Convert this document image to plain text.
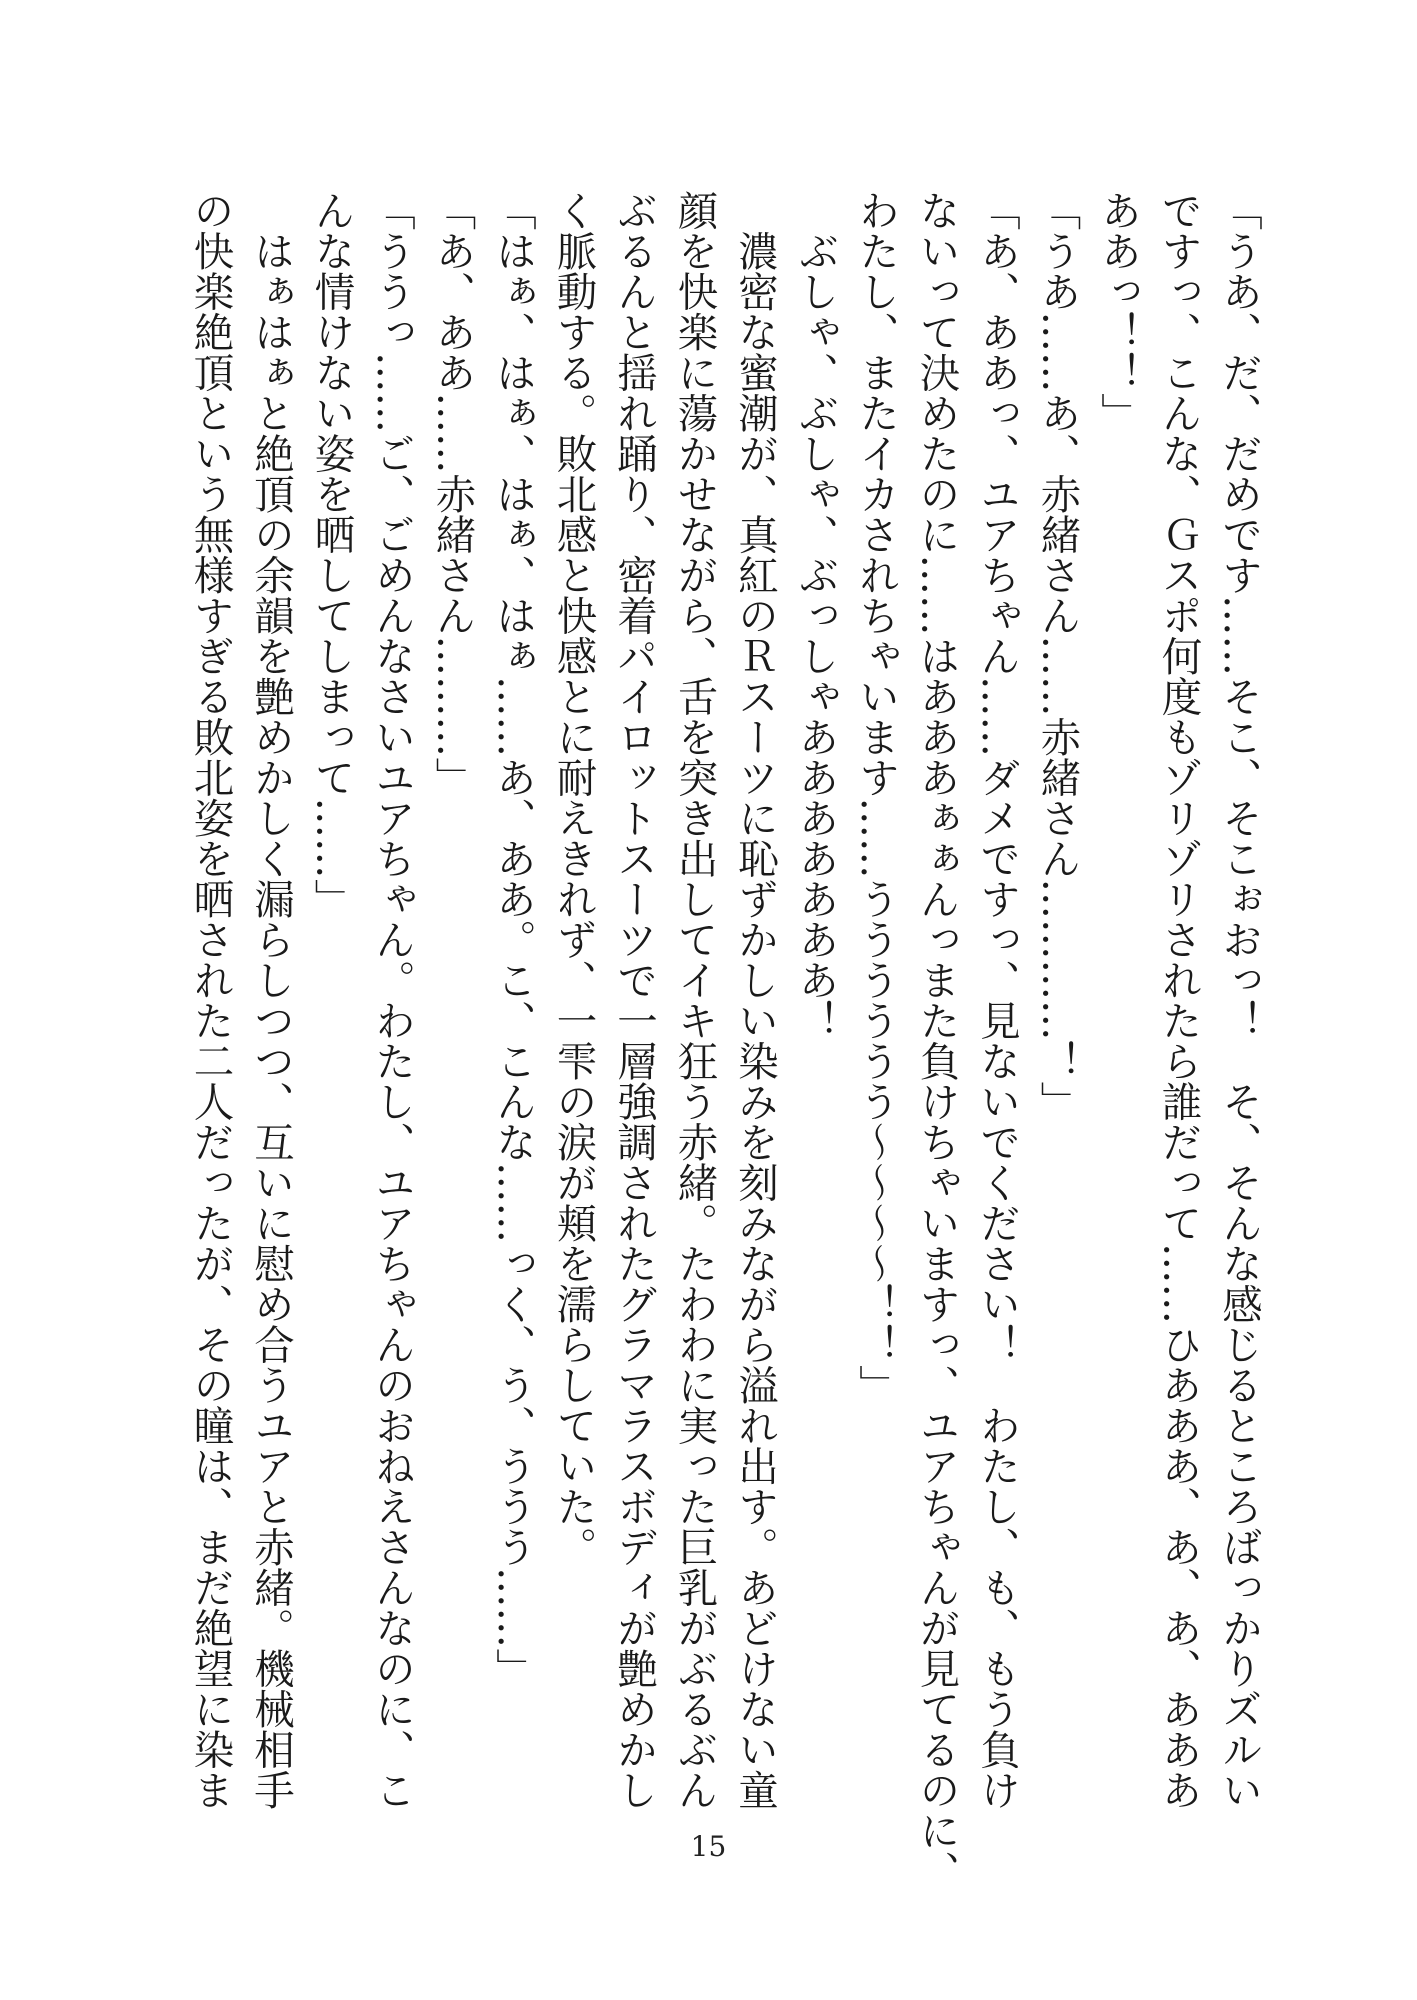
「うあ、だ、だめです……そこ、そこぉおっ！　そ、そんな感じるところばっかりズルい
ですっ、こんな、Ｇスポ何度もゾリゾリされたら誰だって……ひあああ、あ、あ、あああ
ああっ！！」
「うあ……あ、赤緒さん……赤緒さん…………！」
「あ、ああっ、ユアちゃん……ダメですっ、見ないでください！　わたし、も、もう負け
ないって決めたのに……はあああぁぁんっまた負けちゃいますっ、ユアちゃんが見てるのに、
わたし、またイカされちゃいます……うううううう〜〜〜〜！！」
　ぶしゃ、ぶしゃ、ぶっしゃあああああああ！
　濃密な蜜潮が、真紅のＲスーツに恥ずかしい染みを刻みながら溢れ出す。あどけない童
顔を快楽に蕩かせながら、舌を突き出してイキ狂う赤緒。たわわに実った巨乳がぶるぶん
ぶるんと揺れ踊り、密着パイロットスーツで一層強調されたグラマラスボディが艶めかし
く脈動する。敗北感と快感とに耐えきれず、一雫の涙が頬を濡らしていた。
「はぁ、はぁ、はぁ、はぁ……あ、ああ。こ、こんな……っく、う、ううう……」
「あ、ああ……赤緒さん………」
「ううっ……ご、ごめんなさいユアちゃん。わたし、ユアちゃんのおねえさんなのに、こ
んな情けない姿を晒してしまって……」
　はぁはぁと絶頂の余韻を艶めかしく漏らしつつ、互いに慰め合うユアと赤緒。機械相手
の快楽絶頂という無様すぎる敗北姿を晒された二人だったが、その瞳は、まだ絶望に染ま
15
